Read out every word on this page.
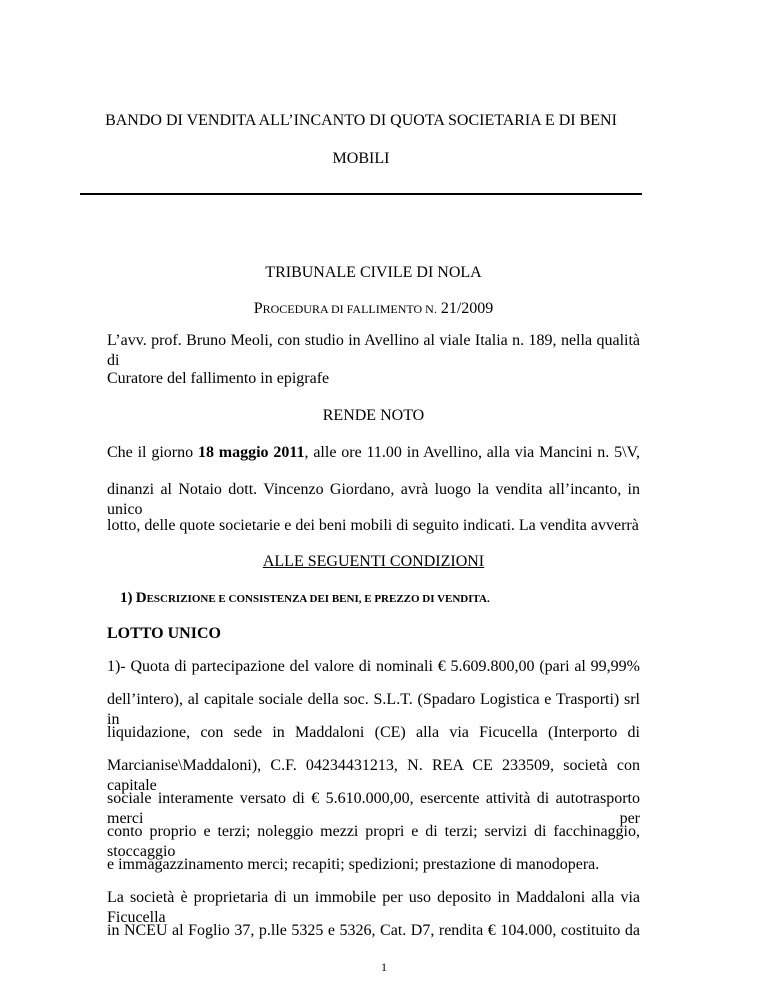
BANDO DI VENDITA ALL’INCANTO DI QUOTA SOCIETARIA E DI BENI
MOBILI
TRIBUNALE CIVILE DI NOLA
PROCEDURA DI FALLIMENTO N. 21/2009
L’avv. prof. Bruno Meoli, con studio in Avellino al viale Italia n. 189, nella qualità di
Curatore del fallimento in epigrafe
RENDE NOTO
Che il giorno 18 maggio 2011, alle ore 11.00 in Avellino, alla via Mancini n. 5\V,
dinanzi al Notaio dott. Vincenzo Giordano, avrà luogo la vendita all’incanto, in unico
lotto, delle quote societarie e dei beni mobili di seguito indicati. La vendita avverrà
ALLE SEGUENTI CONDIZIONI
1) DESCRIZIONE E CONSISTENZA DEI BENI, E PREZZO DI VENDITA.
LOTTO UNICO
1)- Quota di partecipazione del valore di nominali € 5.609.800,00 (pari al 99,99%
dell’intero), al capitale sociale della soc. S.L.T. (Spadaro Logistica e Trasporti) srl in
liquidazione, con sede in Maddaloni (CE) alla via Ficucella (Interporto di
Marcianise\Maddaloni), C.F. 04234431213, N. REA CE 233509, società con capitale
sociale interamente versato di € 5.610.000,00, esercente attività di autotrasporto merci per
conto proprio e terzi; noleggio mezzi propri e di terzi; servizi di facchinaggio, stoccaggio
e immagazzinamento merci; recapiti; spedizioni; prestazione di manodopera.
1
La società è proprietaria di un immobile per uso deposito in Maddaloni alla via Ficucella
in NCEU al Foglio 37, p.lle 5325 e 5326, Cat. D7, rendita € 104.000, costituito da
